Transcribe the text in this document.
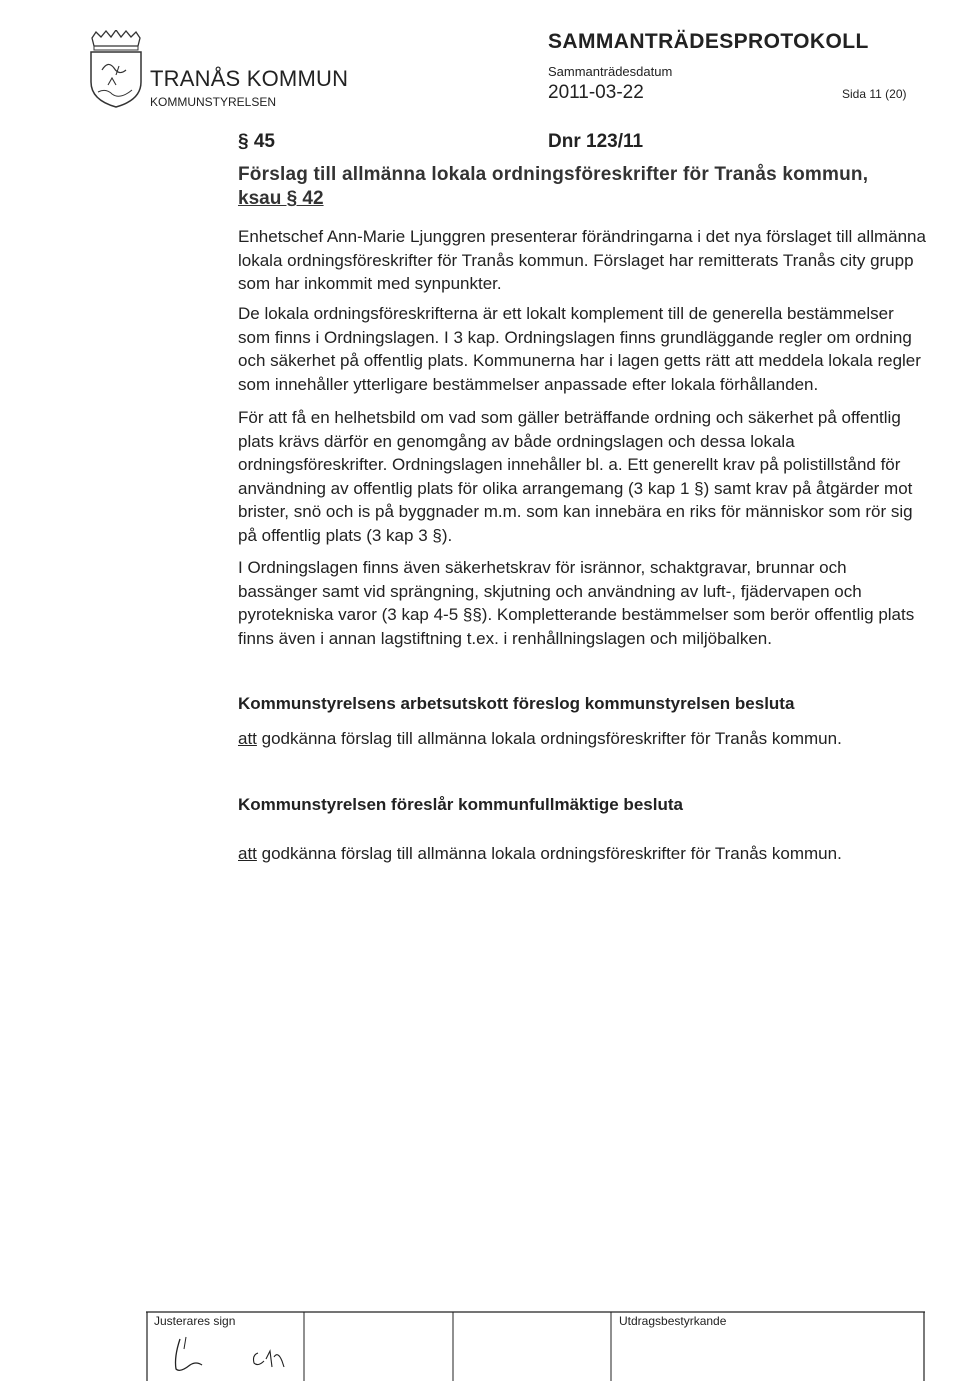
TRANÅS KOMMUN
KOMMUNSTYRELSEN
SAMMANTRÄDESPROTOKOLL
Sammanträdesdatum
2011-03-22	Sida 11 (20)
§ 45	Dnr 123/11
Förslag till allmänna lokala ordningsföreskrifter för Tranås kommun,
ksau § 42

Enhetschef Ann-Marie Ljunggren presenterar förändringarna i det nya förslaget till allmänna lokala ordningsföreskrifter för Tranås kommun. Förslaget har remitterats Tranås city grupp som har inkommit med synpunkter.

De lokala ordningsföreskrifterna är ett lokalt komplement till de generella bestämmelser som finns i Ordningslagen. I 3 kap. Ordningslagen finns grundläggande regler om ordning och säkerhet på offentlig plats. Kommunerna har i lagen getts rätt att meddela lokala regler som innehåller ytterligare bestämmelser anpassade efter lokala förhållanden.

För att få en helhetsbild om vad som gäller beträffande ordning och säkerhet på offentlig plats krävs därför en genomgång av både ordningslagen och dessa lokala ordningsföreskrifter. Ordningslagen innehåller bl. a. Ett generellt krav på polistillstånd för användning av offentlig plats för olika arrangemang (3 kap 1 §) samt krav på åtgärder mot brister, snö och is på byggnader m.m. som kan innebära en riks för människor som rör sig på offentlig plats (3 kap 3 §).

I Ordningslagen finns även säkerhetskrav för isrännor, schaktgravar, brunnar och bassänger samt vid sprängning, skjutning och användning av luft-, fjädervapen och pyrotekniska varor (3 kap 4-5 §§). Kompletterande bestämmelser som berör offentlig plats finns även i annan lagstiftning t.ex. i renhållningslagen och miljöbalken.

Kommunstyrelsens arbetsutskott föreslog kommunstyrelsen besluta
att godkänna förslag till allmänna lokala ordningsföreskrifter för Tranås kommun.
Kommunstyrelsen föreslår kommunfullmäktige besluta
att godkänna förslag till allmänna lokala ordningsföreskrifter för Tranås kommun.
Justerares sign	Utdragsbestyrkande
